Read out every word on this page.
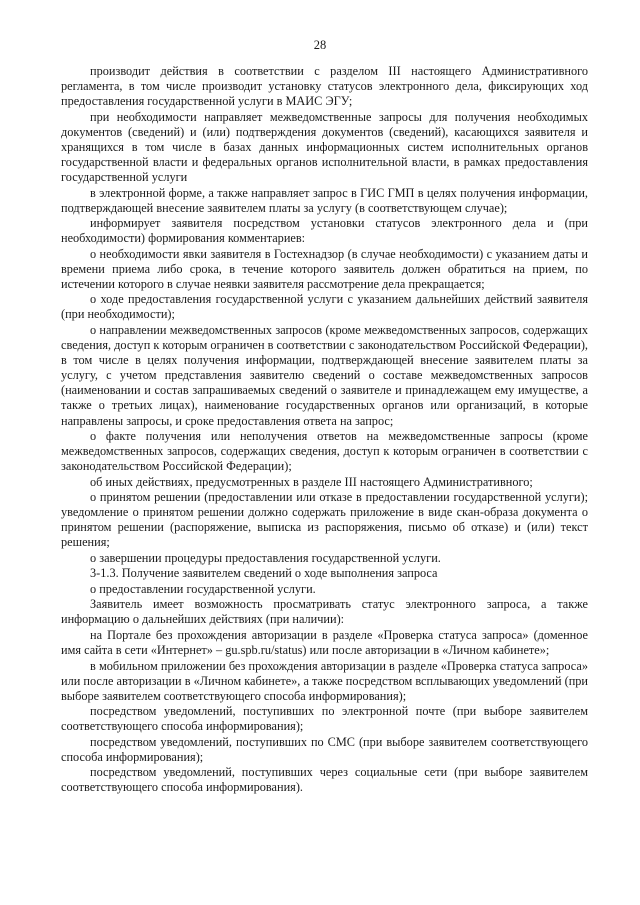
28

производит действия в соответствии с разделом III настоящего Административного регламента, в том числе производит установку статусов электронного дела, фиксирующих ход предоставления государственной услуги в МАИС ЭГУ;

при необходимости направляет межведомственные запросы для получения необходимых документов (сведений) и (или) подтверждения документов (сведений), касающихся заявителя и хранящихся в том числе в базах данных информационных систем исполнительных органов государственной власти и федеральных органов исполнительной власти, в рамках предоставления государственной услуги

в электронной форме, а также направляет запрос в ГИС ГМП в целях получения информации, подтверждающей внесение заявителем платы за услугу (в соответствующем случае);

информирует заявителя посредством установки статусов электронного дела и (при необходимости) формирования комментариев:

о необходимости явки заявителя в Гостехнадзор (в случае необходимости) с указанием даты и времени приема либо срока, в течение которого заявитель должен обратиться на прием, по истечении которого в случае неявки заявителя рассмотрение дела прекращается;

о ходе предоставления государственной услуги с указанием дальнейших действий заявителя (при необходимости);

о направлении межведомственных запросов (кроме межведомственных запросов, содержащих сведения, доступ к которым ограничен в соответствии с законодательством Российской Федерации), в том числе в целях получения информации, подтверждающей внесение заявителем платы за услугу, с учетом представления заявителю сведений о составе межведомственных запросов (наименовании и состав запрашиваемых сведений о заявителе и принадлежащем ему имуществе, а также о третьих лицах), наименование государственных органов или организаций, в которые направлены запросы, и сроке предоставления ответа на запрос;

о факте получения или неполучения ответов на межведомственные запросы (кроме межведомственных запросов, содержащих сведения, доступ к которым ограничен в соответствии с законодательством Российской Федерации);

об иных действиях, предусмотренных в разделе III настоящего Административного;

о принятом решении (предоставлении или отказе в предоставлении государственной услуги); уведомление о принятом решении должно содержать приложение в виде скан-образа документа о принятом решении (распоряжение, выписка из распоряжения, письмо об отказе) и (или) текст решения;

о завершении процедуры предоставления государственной услуги.

3-1.3. Получение заявителем сведений о ходе выполнения запроса

о предоставлении государственной услуги.

Заявитель имеет возможность просматривать статус электронного запроса, а также информацию о дальнейших действиях (при наличии):

на Портале без прохождения авторизации в разделе «Проверка статуса запроса» (доменное имя сайта в сети «Интернет» – gu.spb.ru/status) или после авторизации в «Личном кабинете»;

в мобильном приложении без прохождения авторизации в разделе «Проверка статуса запроса» или после авторизации в «Личном кабинете», а также посредством всплывающих уведомлений (при выборе заявителем соответствующего способа информирования);

посредством уведомлений, поступивших по электронной почте (при выборе заявителем соответствующего способа информирования);

посредством уведомлений, поступивших по СМС (при выборе заявителем соответствующего способа информирования);

посредством уведомлений, поступивших через социальные сети (при выборе заявителем соответствующего способа информирования).
